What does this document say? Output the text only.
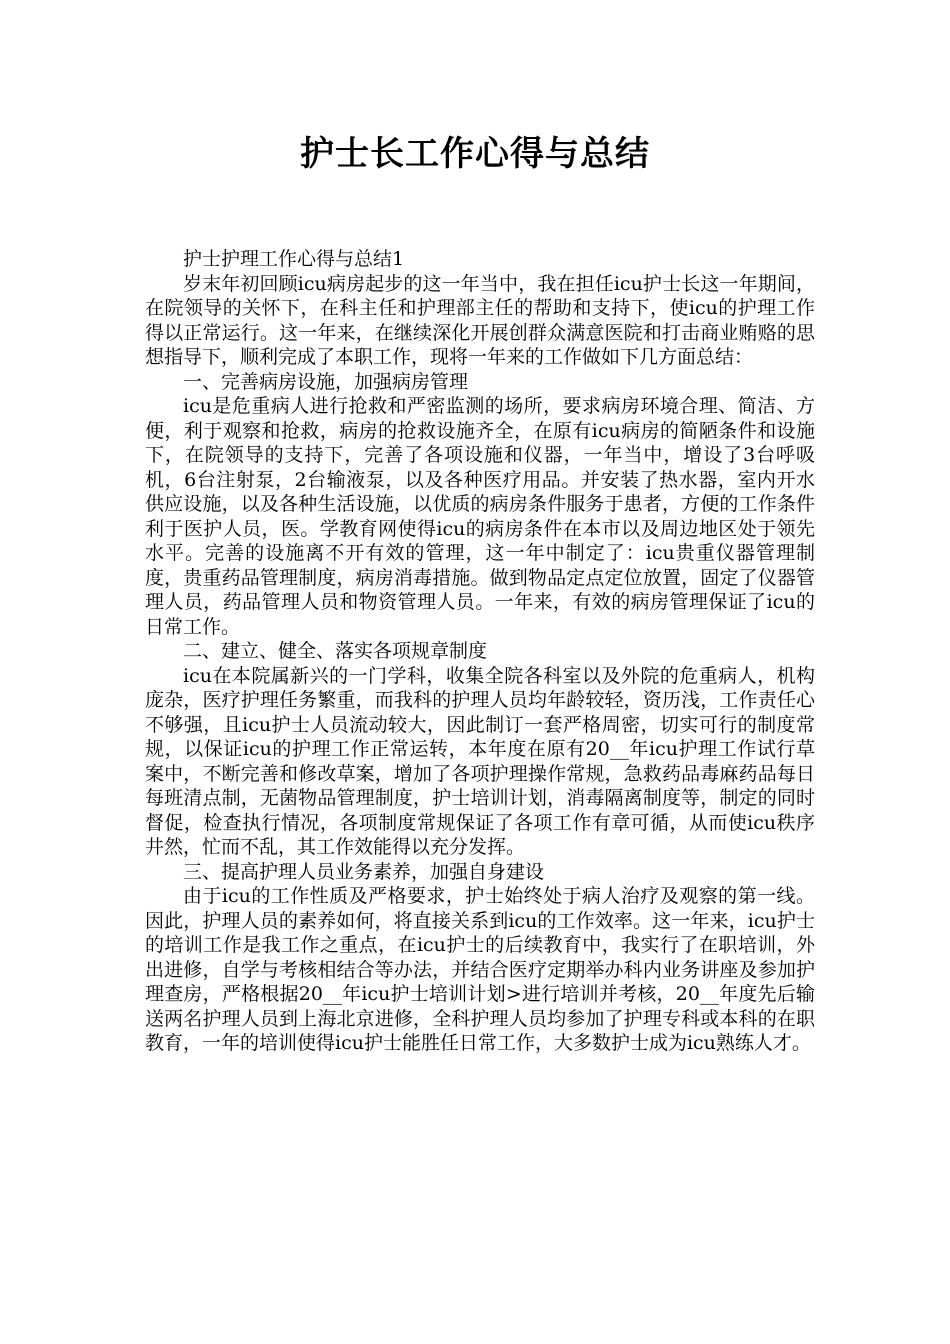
护士长工作心得与总结

护士护理工作心得与总结1

岁末年初回顾icu病房起步的这一年当中，我在担任icu护士长这一年期间，在院领导的关怀下，在科主任和护理部主任的帮助和支持下，使icu的护理工作得以正常运行。这一年来，在继续深化开展创群众满意医院和打击商业贿赂的思想指导下，顺利完成了本职工作，现将一年来的工作做如下几方面总结：

一、完善病房设施，加强病房管理

icu是危重病人进行抢救和严密监测的场所，要求病房环境合理、简洁、方便，利于观察和抢救，病房的抢救设施齐全，在原有icu病房的简陋条件和设施下，在院领导的支持下，完善了各项设施和仪器，一年当中，增设了3台呼吸机，6台注射泵，2台输液泵，以及各种医疗用品。并安装了热水器，室内开水供应设施，以及各种生活设施，以优质的病房条件服务于患者，方便的工作条件利于医护人员，医。学教育网使得icu的病房条件在本市以及周边地区处于领先水平。完善的设施离不开有效的管理，这一年中制定了：icu贵重仪器管理制度，贵重药品管理制度，病房消毒措施。做到物品定点定位放置，固定了仪器管理人员，药品管理人员和物资管理人员。一年来，有效的病房管理保证了icu的日常工作。

二、建立、健全、落实各项规章制度

icu在本院属新兴的一门学科，收集全院各科室以及外院的危重病人，机构庞杂，医疗护理任务繁重，而我科的护理人员均年龄较轻，资历浅，工作责任心不够强，且icu护士人员流动较大，因此制订一套严格周密，切实可行的制度常规，以保证icu的护理工作正常运转，本年度在原有20__年icu护理工作试行草案中，不断完善和修改草案，增加了各项护理操作常规，急救药品毒麻药品每日每班清点制，无菌物品管理制度，护士培训计划，消毒隔离制度等，制定的同时督促，检查执行情况，各项制度常规保证了各项工作有章可循，从而使icu秩序井然，忙而不乱，其工作效能得以充分发挥。

三、提高护理人员业务素养，加强自身建设

由于icu的工作性质及严格要求，护士始终处于病人治疗及观察的第一线。因此，护理人员的素养如何，将直接关系到icu的工作效率。这一年来，icu护士的培训工作是我工作之重点，在icu护士的后续教育中，我实行了在职培训，外出进修，自学与考核相结合等办法，并结合医疗定期举办科内业务讲座及参加护理查房，严格根据20__年icu护士培训计划>进行培训并考核，20__年度先后输送两名护理人员到上海北京进修，全科护理人员均参加了护理专科或本科的在职教育，一年的培训使得icu护士能胜任日常工作，大多数护士成为icu熟练人才。
